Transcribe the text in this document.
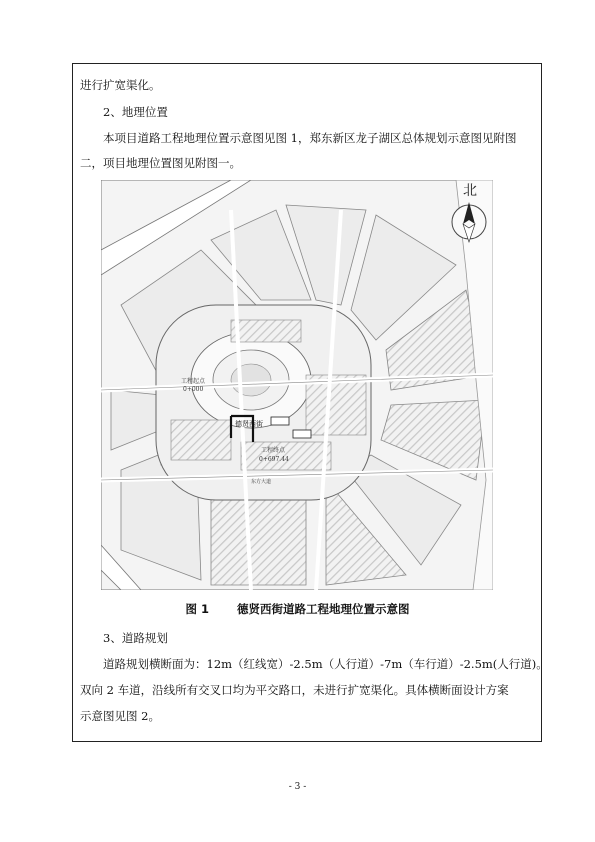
进行扩宽渠化。
2、地理位置
本项目道路工程地理位置示意图见图 1，郑东新区龙子湖区总体规划示意图见附图
二，项目地理位置图见附图一。
工程起点
0+000
德贤西街
工程终点
0+697.44
东方大道
北
图 1 德贤西街道路工程地理位置示意图
3、道路规划
道路规划横断面为：12m（红线宽）-2.5m（人行道）-7m（车行道）-2.5m(人行道)。
双向 2 车道，沿线所有交叉口均为平交路口，未进行扩宽渠化。具体横断面设计方案
示意图见图 2。
- 3 -
